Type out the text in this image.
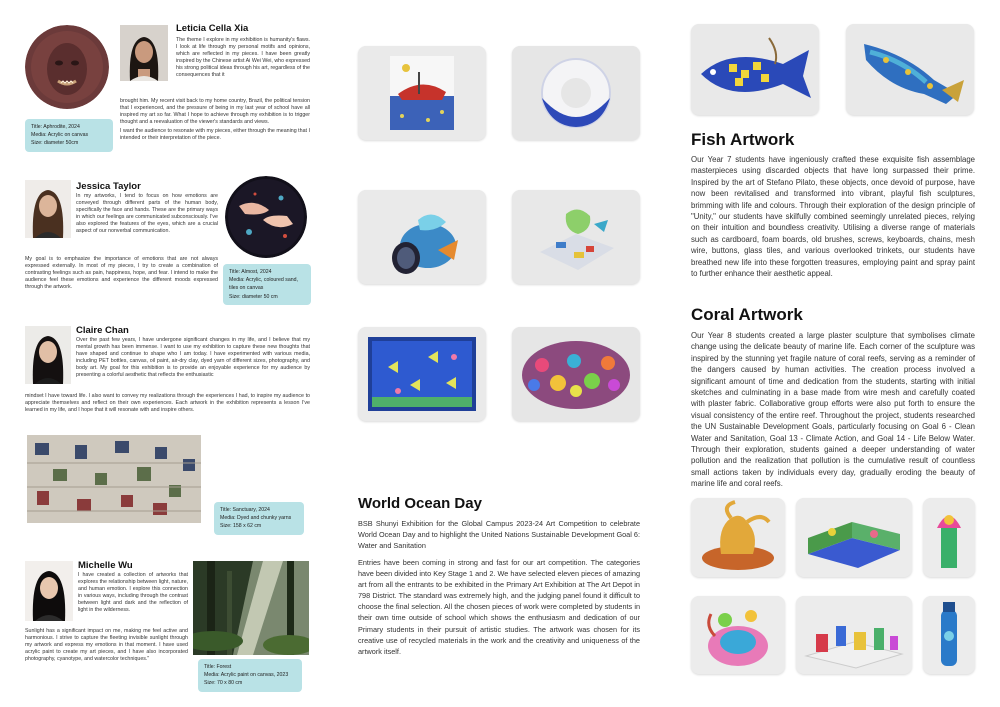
Leticia Cella Xia

The theme I explore in my exhibition is humanity's flaws. I look at life through my personal motifs and opinions, which are reflected in my pieces. I have been greatly inspired by the Chinese artist Ai Wei Wei, who expressed his strong political ideas through his art, regardless of the consequences that it

brought him. My recent visit back to my home country, Brazil, the political tension that I experienced, and the pressure of being in my last year of school have all inspired my art so far. What I hope to achieve through my exhibition is to trigger thought and a reevaluation of the viewer's standards and views.

I want the audience to resonate with my pieces, either through the meaning that I intended or their interpretation of the piece.

Title: Aphrodite, 2024
Media: Acrylic on canvas
Size: diameter 50cm
Jessica Taylor

In my artworks, I tend to focus on how emotions are conveyed through different parts of the human body, specifically the face and hands. These are the primary ways in which our feelings are communicated subconsciously. I've also explored the features of the eyes, which are a crucial aspect of our nonverbal communication.

My goal is to emphasize the importance of emotions that are not always expressed externally. In most of my pieces, I try to create a combination of contrasting feelings such as pain, happiness, hope, and fear. I intend to make the audience feel these emotions and experience the different moods expressed through the artwork.

Title: Almost, 2024
Media: Acrylic, coloured sand, tiles on canvas
Size: diameter 50 cm
Claire Chan

Over the past few years, I have undergone significant changes in my life, and I believe that my mental growth has been immense. I want to use my exhibition to capture these new thoughts that have shaped and continue to shape who I am today. I have experimented with various media, including PET bottles, canvas, oil paint, air-dry clay, dyed yarn of different sizes, photography, and body art. My goal for this exhibition is to provide an enjoyable experience for my audience by presenting a colorful aesthetic that reflects the enthusiastic

mindset I have toward life. I also want to convey my realizations through the experiences I had, to inspire my audience to appreciate themselves and reflect on their own experiences. Each artwork in the exhibition represents a lesson I've learned in my life, and I hope that it will resonate with and inspire others.

Title: Sanctuary, 2024
Media: Dyed and chunky yarns
Size: 158 x 62 cm
Michelle Wu

I have created a collection of artworks that explores the relationship between light, nature, and human emotion. I explore this connection in various ways, including through the contrast between light and dark and the reflection of light in the wilderness.

Sunlight has a significant impact on me, making me feel active and harmonious. I strive to capture the fleeting invisible sunlight through my artwork and express my emotions in that moment. I have used acrylic paint to create my art pieces, and I have also incorporated photography, cyanotype, and watercolor techniques."

Title: Forest
Media: Acrylic paint on canvas, 2023
Size: 70 x 80 cm
World Ocean Day
BSB Shunyi Exhibition for the Global Campus 2023-24 Art Competition to celebrate World Ocean Day and to highlight the United Nations Sustainable Development Goal 6: Water and Sanitation
Entries have been coming in strong and fast for our art competition. The categories have been divided into Key Stage 1 and 2. We have selected eleven pieces of amazing art from all the entrants to be exhibited in the Primary Art Exhibition at The Art Depot in 798 District. The standard was extremely high, and the judging panel found it difficult to choose the final selection. All the chosen pieces of work were completed by students in their own time outside of school which shows the enthusiasm and dedication of our Primary students in their pursuit of artistic studies. The artwork was chosen for its creative use of recycled materials in the work and the creativity and uniqueness of the artwork itself.
Fish Artwork
Our Year 7 students have ingeniously crafted these exquisite fish assemblage masterpieces using discarded objects that have long surpassed their prime. Inspired by the art of Stefano Pilato, these objects, once devoid of purpose, have now been revitalised and transformed into vibrant, playful fish sculptures, brimming with life and colours. Through their exploration of the design principle of "Unity," our students have skilfully combined seemingly unrelated pieces, relying on their intuition and boundless creativity. Utilising a diverse range of materials such as cardboard, foam boards, old brushes, screws, keyboards, chains, mesh wire, buttons, glass tiles, and various overlooked trinkets, our students have breathed new life into these forgotten treasures, employing paint and spray paint to further enhance their aesthetic appeal.
Coral Artwork
Our Year 8 students created a large plaster sculpture that symbolises climate change using the delicate beauty of marine life. Each corner of the sculpture was inspired by the stunning yet fragile nature of coral reefs, serving as a reminder of the dangers caused by human activities. The creation process involved a significant amount of time and dedication from the students, starting with initial sketches and culminating in a base made from wire mesh and carefully coated with plaster fabric. Collaborative group efforts were also put forth to ensure the visual consistency of the entire reef. Throughout the project, students researched the UN Sustainable Development Goals, particularly focusing on Goal 6 - Clean Water and Sanitation, Goal 13 - Climate Action, and Goal 14 - Life Below Water. Through their exploration, students gained a deeper understanding of water pollution and the realization that pollution is the cumulative result of countless small actions taken by individuals every day, gradually eroding the beauty of marine life and coral reefs.
